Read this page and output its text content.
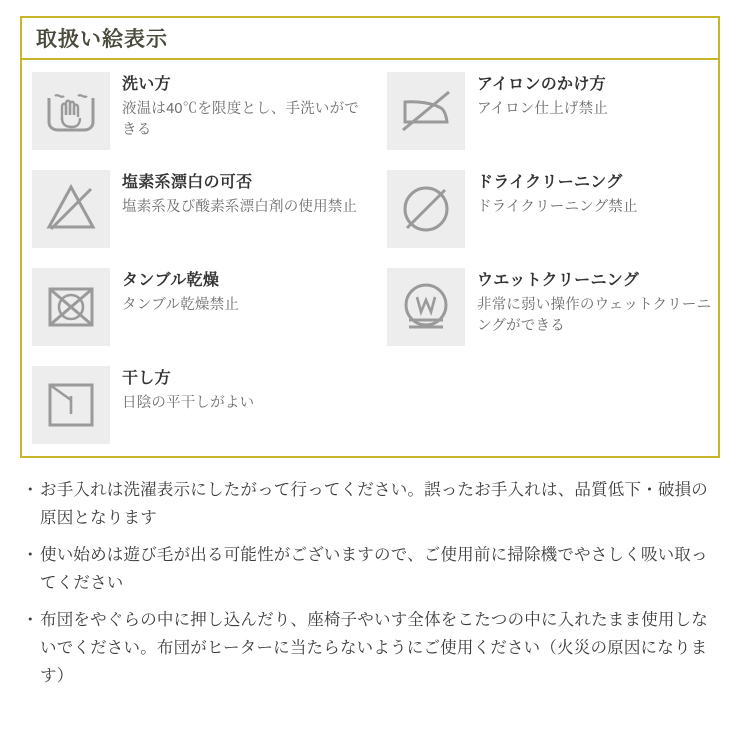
取扱い絵表示
洗い方
液温は40℃を限度とし、手洗いができる
アイロンのかけ方
アイロン仕上げ禁止
塩素系漂白の可否
塩素系及び酸素系漂白剤の使用禁止
ドライクリーニング
ドライクリーニング禁止
タンブル乾燥
タンブル乾燥禁止
ウエットクリーニング
非常に弱い操作のウェットクリーニングができる
干し方
日陰の平干しがよい
・ お手入れは洗濯表示にしたがって行ってください。誤ったお手入れは、品質低下・破損の原因となります
・ 使い始めは遊び毛が出る可能性がございますので、ご使用前に掃除機でやさしく吸い取ってください
・ 布団をやぐらの中に押し込んだり、座椅子やいす全体をこたつの中に入れたまま使用しないでください。布団がヒーターに当たらないようにご使用ください（火災の原因になります）
